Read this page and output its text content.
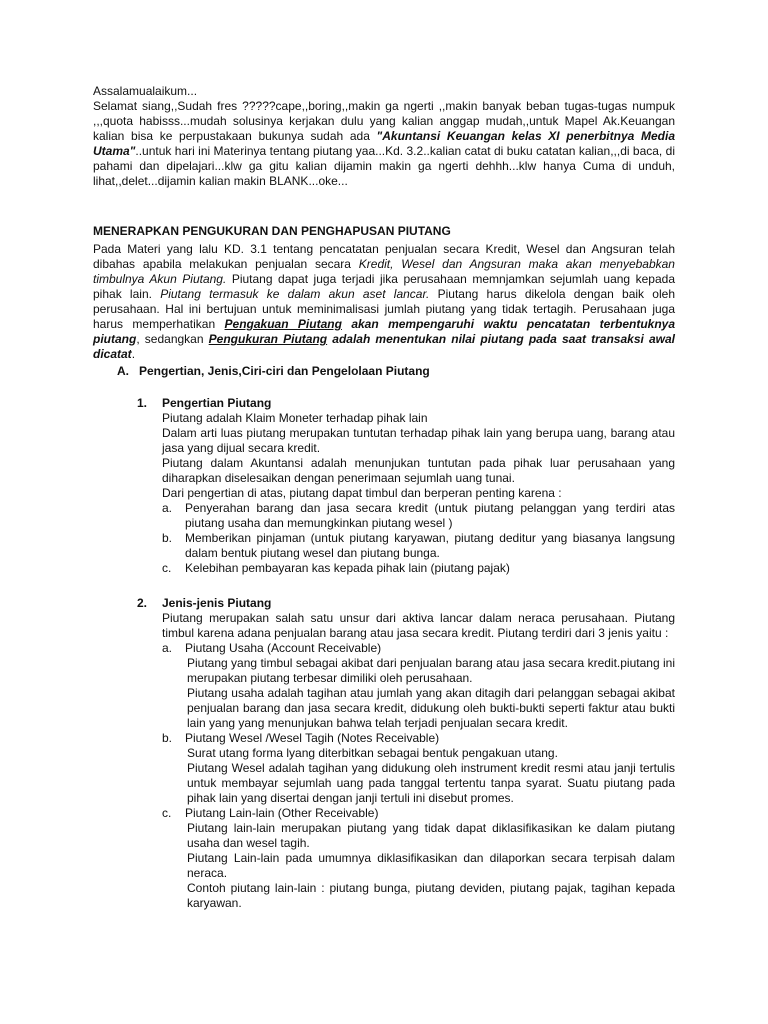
Assalamualaikum...

Selamat siang,,Sudah fres ?????cape,,boring,,makin ga ngerti ,,makin banyak beban tugas-tugas numpuk ,,,quota habisss...mudah solusinya kerjakan dulu yang kalian anggap mudah,,untuk Mapel Ak.Keuangan kalian bisa ke perpustakaan bukunya sudah ada "Akuntansi Keuangan kelas XI penerbitnya Media Utama"..untuk hari ini Materinya tentang piutang yaa...Kd. 3.2..kalian catat di buku catatan kalian,,,di baca, di pahami dan dipelajari...klw ga gitu kalian dijamin makin ga ngerti dehhh...klw hanya Cuma di unduh, lihat,,delet...dijamin kalian makin BLANK...oke...

MENERAPKAN PENGUKURAN DAN PENGHAPUSAN PIUTANG

Pada Materi yang lalu KD. 3.1 tentang pencatatan penjualan secara Kredit, Wesel dan Angsuran telah dibahas apabila melakukan penjualan secara Kredit, Wesel dan Angsuran maka akan menyebabkan timbulnya Akun Piutang. Piutang dapat juga terjadi jika perusahaan memnjamkan sejumlah uang kepada pihak lain. Piutang termasuk ke dalam akun aset lancar. Piutang harus dikelola dengan baik oleh perusahaan. Hal ini bertujuan untuk meminimalisasi jumlah piutang yang tidak tertagih. Perusahaan juga harus memperhatikan Pengakuan Piutang akan mempengaruhi waktu pencatatan terbentuknya piutang, sedangkan Pengukuran Piutang adalah menentukan nilai piutang pada saat transaksi awal dicatat.

A. Pengertian, Jenis,Ciri-ciri dan Pengelolaan Piutang
1. Pengertian Piutang

Piutang adalah Klaim Moneter terhadap pihak lain

Dalam arti luas piutang merupakan tuntutan terhadap pihak lain yang berupa uang, barang atau jasa yang dijual secara kredit.

Piutang dalam Akuntansi adalah menunjukan tuntutan pada pihak luar perusahaan yang diharapkan diselesaikan dengan penerimaan sejumlah uang tunai.

Dari pengertian di atas, piutang dapat timbul dan berperan penting karena :

a.	Penyerahan barang dan jasa secara kredit (untuk piutang pelanggan yang terdiri atas piutang usaha dan memungkinkan piutang wesel )
b.	Memberikan pinjaman (untuk piutang karyawan, piutang deditur yang biasanya langsung dalam bentuk piutang wesel dan piutang bunga.
c.	Kelebihan pembayaran kas kepada pihak lain (piutang pajak)
2. Jenis-jenis Piutang

Piutang merupakan salah satu unsur dari aktiva lancar dalam neraca perusahaan. Piutang timbul karena adana penjualan barang atau jasa secara kredit. Piutang terdiri dari 3 jenis yaitu :

a.	Piutang Usaha (Account Receivable)

Piutang yang timbul sebagai akibat dari penjualan barang atau jasa secara kredit.piutang ini merupakan piutang terbesar dimiliki oleh perusahaan.

Piutang usaha adalah tagihan atau jumlah yang akan ditagih dari pelanggan sebagai akibat penjualan barang dan jasa secara kredit, didukung oleh bukti-bukti seperti faktur atau bukti lain yang yang menunjukan bahwa telah terjadi penjualan secara kredit.

b.	Piutang Wesel /Wesel Tagih (Notes Receivable)

Surat utang forma lyang diterbitkan sebagai bentuk pengakuan utang.

Piutang Wesel adalah tagihan yang didukung oleh instrument kredit resmi atau janji tertulis untuk membayar sejumlah uang pada tanggal tertentu tanpa syarat. Suatu piutang pada pihak lain yang disertai dengan janji tertuli ini disebut promes.

c.	Piutang Lain-lain (Other Receivable)

Piutang lain-lain merupakan piutang yang tidak dapat diklasifikasikan ke dalam piutang usaha dan wesel tagih.

Piutang Lain-lain pada umumnya diklasifikasikan dan dilaporkan secara terpisah dalam neraca.

Contoh piutang lain-lain : piutang bunga, piutang deviden, piutang pajak, tagihan kepada karyawan.
